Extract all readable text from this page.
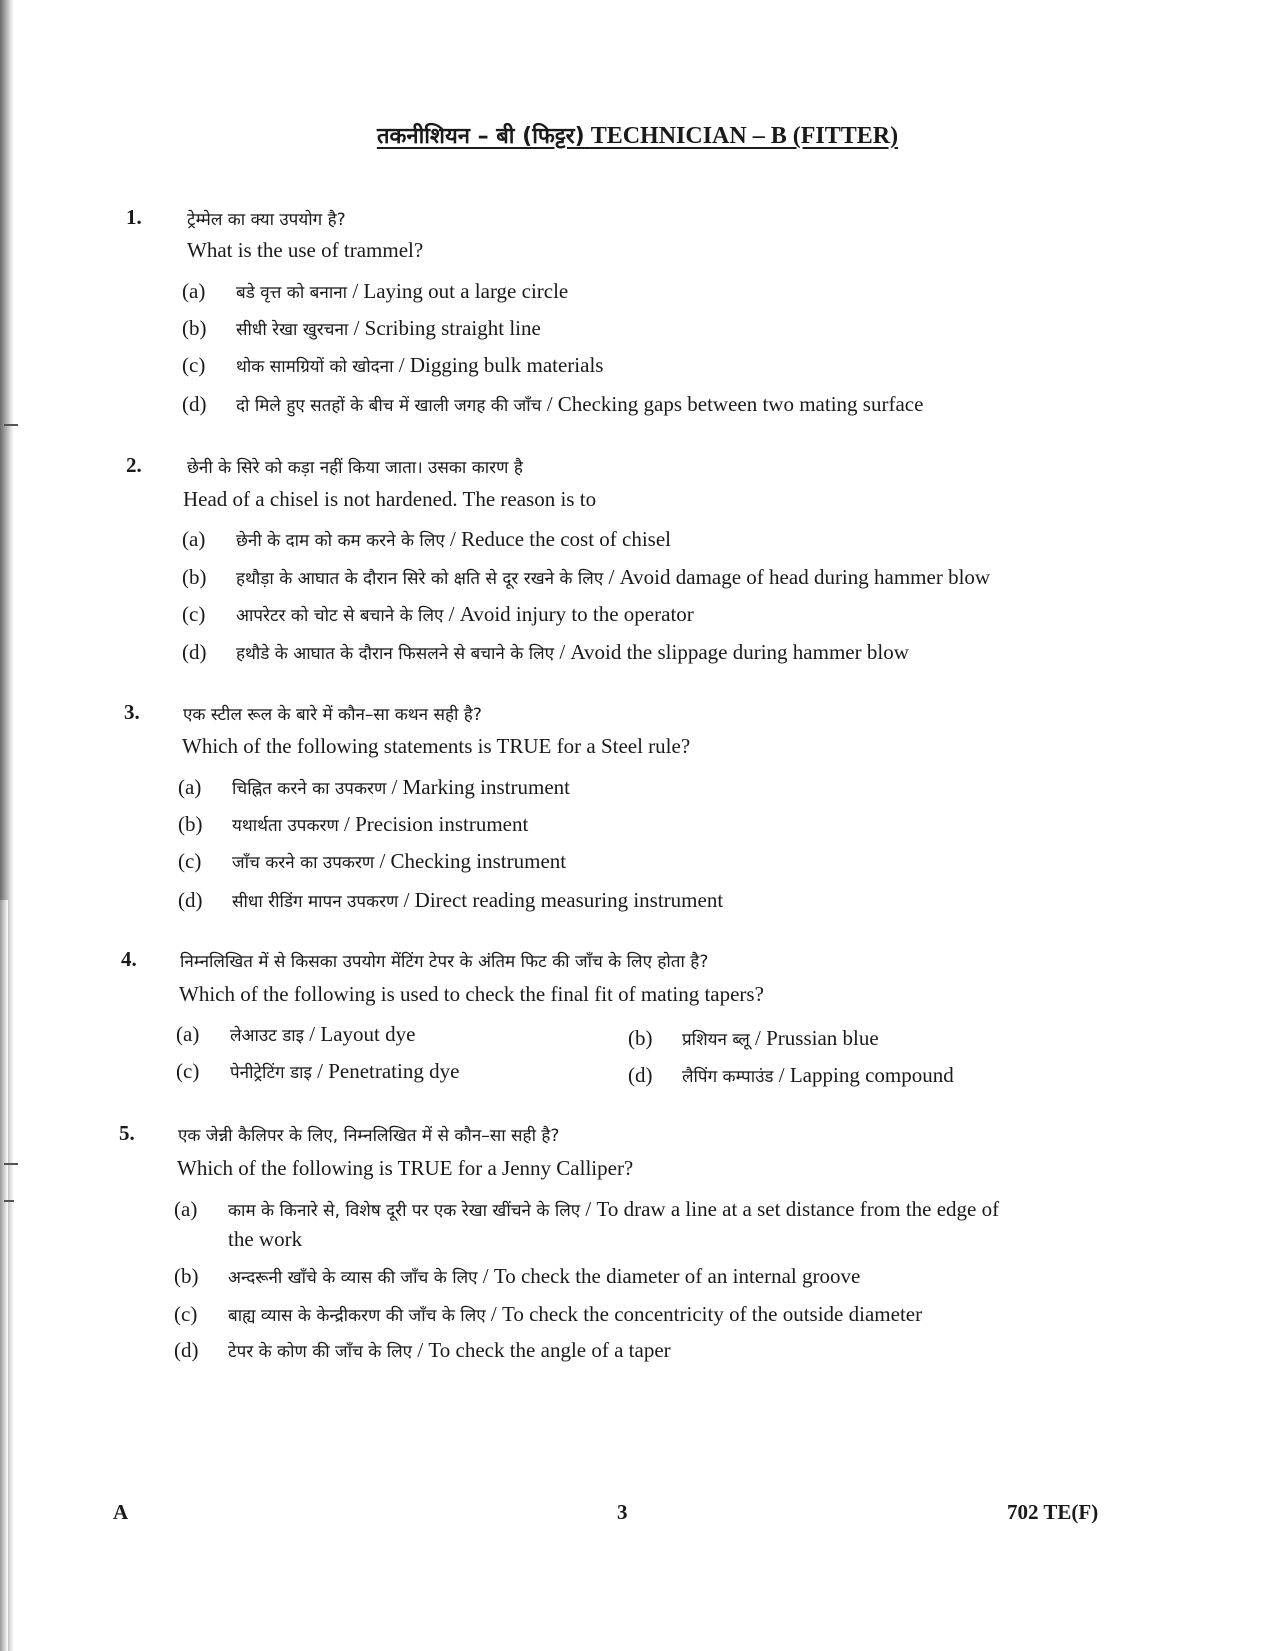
तकनीशियन – बी (फिट्टर) TECHNICIAN – B (FITTER)
1.	ट्रेम्मेल का क्या उपयोग है?
What is the use of trammel?
(a) बडे वृत्त को बनाना / Laying out a large circle
(b) सीधी रेखा खुरचना / Scribing straight line
(c) थोक सामग्रियों को खोदना / Digging bulk materials
(d) दो मिले हुए सतहों के बीच में खाली जगह की जाँच / Checking gaps between two mating surface
2.	छेनी के सिरे को कड़ा नहीं किया जाता। उसका कारण है
Head of a chisel is not hardened. The reason is to
(a) छेनी के दाम को कम करने के लिए / Reduce the cost of chisel
(b) हथौड़ा के आघात के दौरान सिरे को क्षति से दूर रखने के लिए / Avoid damage of head during hammer blow
(c) आपरेटर को चोट से बचाने के लिए / Avoid injury to the operator
(d) हथौडे के आघात के दौरान फिसलने से बचाने के लिए / Avoid the slippage during hammer blow
3.	एक स्टील रूल के बारे में कौन–सा कथन सही है?
Which of the following statements is TRUE for a Steel rule?
(a) चिह्नित करने का उपकरण / Marking instrument
(b) यथार्थता उपकरण / Precision instrument
(c) जाँच करने का उपकरण / Checking instrument
(d) सीधा रीडिंग मापन उपकरण / Direct reading measuring instrument
4.	निम्नलिखित में से किसका उपयोग मेंटिंग टेपर के अंतिम फिट की जाँच के लिए होता है?
Which of the following is used to check the final fit of mating tapers?
(a) लेआउट डाइ / Layout dye	(b) प्रशियन ब्लू / Prussian blue
(c) पेनीट्रेटिंग डाइ / Penetrating dye	(d) लैपिंग कम्पाउंड / Lapping compound
5.	एक जेन्नी कैलिपर के लिए, निम्नलिखित में से कौन–सा सही है?
Which of the following is TRUE for a Jenny Calliper?
(a) काम के किनारे से, विशेष दूरी पर एक रेखा खींचने के लिए / To draw a line at a set distance from the edge of
the work
(b) अन्दरूनी खाँचे के व्यास की जाँच के लिए / To check the diameter of an internal groove
(c) बाह्य व्यास के केन्द्रीकरण की जाँच के लिए / To check the concentricity of the outside diameter
(d) टेपर के कोण की जाँच के लिए / To check the angle of a taper
A	3	702 TE(F)
